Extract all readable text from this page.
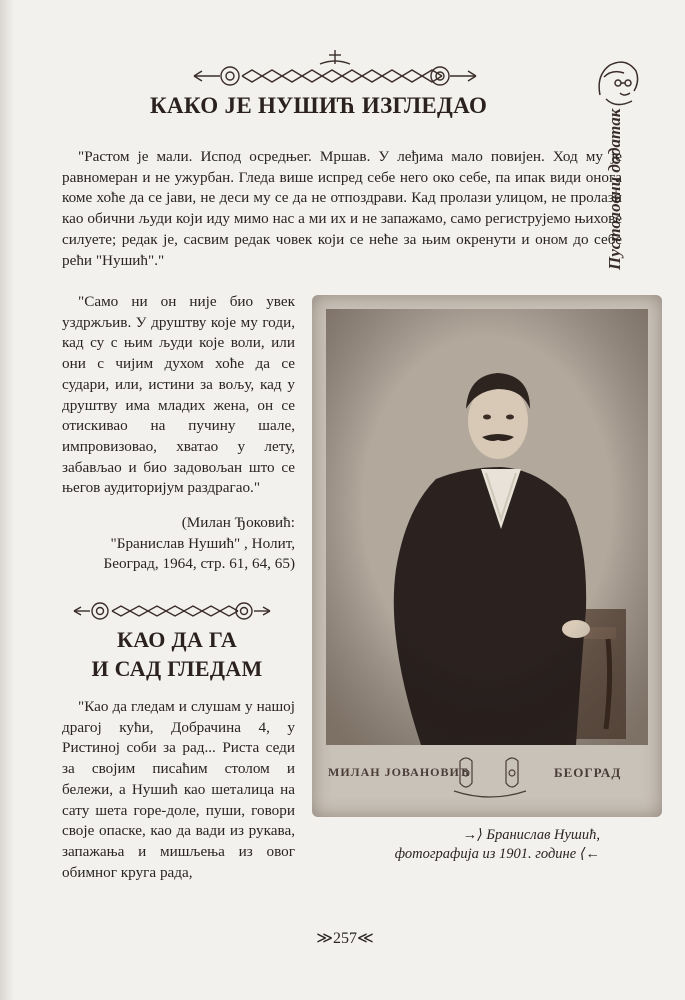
КАКО ЈЕ НУШИЋ ИЗГЛЕДАО
Пустоловни додатак

"Растом је мали. Испод осредњег. Мршав. У леђима мало повијен. Ход му је равномеран и не ужурбан. Гледа више испред себе него око себе, па ипак види онога коме хоће да се јави, не деси му се да не отпоздрави. Кад пролази улицом, не пролази као обични људи који иду мимо нас а ми их и не запажамо, само региструјемо њихове силуете; редак је, сасвим редак човек који се неће за њим окренути и оном до себе рећи "Нушић"."

"Само ни он није био увек уздржљив. У друштву које му годи, кад су с њим људи које воли, или они с чијим духом хоће да се судари, или, истини за вољу, кад у друштву има младих жена, он се отискивао на пучину шале, импровизовао, хватао у лету, забављао и био задовољан што се његов аудиторијум раздрагао."

(Милан Ђоковић:
"Бранислав Нушић" , Нолит,
Београд, 1964, стр. 61, 64, 65)
КАО ДА ГА
И САД ГЛЕДАМ

"Као да гледам и слушам у нашој драгој кући, Добрачина 4, у Ристиној соби за рад... Риста седи за својим писаћим столом и бележи, а Нушић као шеталица на сату шета горе-доле, пуши, говори своје опаске, као да вади из рукава, запажања и мишљења из овог обимног круга рада,

МИЛАН ЈОВАНОВИЋ	БЕОГРАД
→⟩ Бранислав Нушић,
фотографија из 1901. године ⟨←
≫257≪
